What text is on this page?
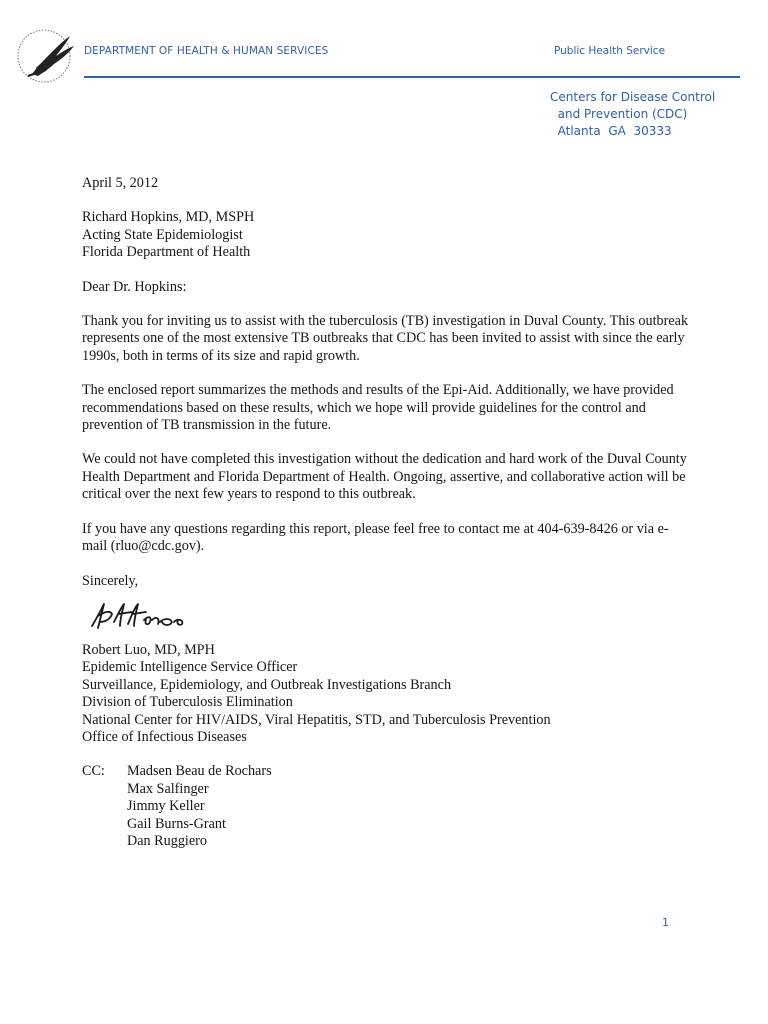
DEPARTMENT OF HEALTH & HUMAN SERVICES	Public Health Service
Centers for Disease Control
and Prevention (CDC)
Atlanta  GA  30333

April 5, 2012

Richard Hopkins, MD, MSPH
Acting State Epidemiologist
Florida Department of Health

Dear Dr. Hopkins:

Thank you for inviting us to assist with the tuberculosis (TB) investigation in Duval County. This outbreak represents one of the most extensive TB outbreaks that CDC has been invited to assist with since the early 1990s, both in terms of its size and rapid growth.

The enclosed report summarizes the methods and results of the Epi-Aid. Additionally, we have provided recommendations based on these results, which we hope will provide guidelines for the control and prevention of TB transmission in the future.

We could not have completed this investigation without the dedication and hard work of the Duval County Health Department and Florida Department of Health. Ongoing, assertive, and collaborative action will be critical over the next few years to respond to this outbreak.

If you have any questions regarding this report, please feel free to contact me at 404-639-8426 or via e-mail (rluo@cdc.gov).

Sincerely,

Robert Luo, MD, MPH
Epidemic Intelligence Service Officer
Surveillance, Epidemiology, and Outbreak Investigations Branch
Division of Tuberculosis Elimination
National Center for HIV/AIDS, Viral Hepatitis, STD, and Tuberculosis Prevention
Office of Infectious Diseases
CC:	Madsen Beau de Rochars
Max Salfinger
Jimmy Keller
Gail Burns-Grant
Dan Ruggiero
1
